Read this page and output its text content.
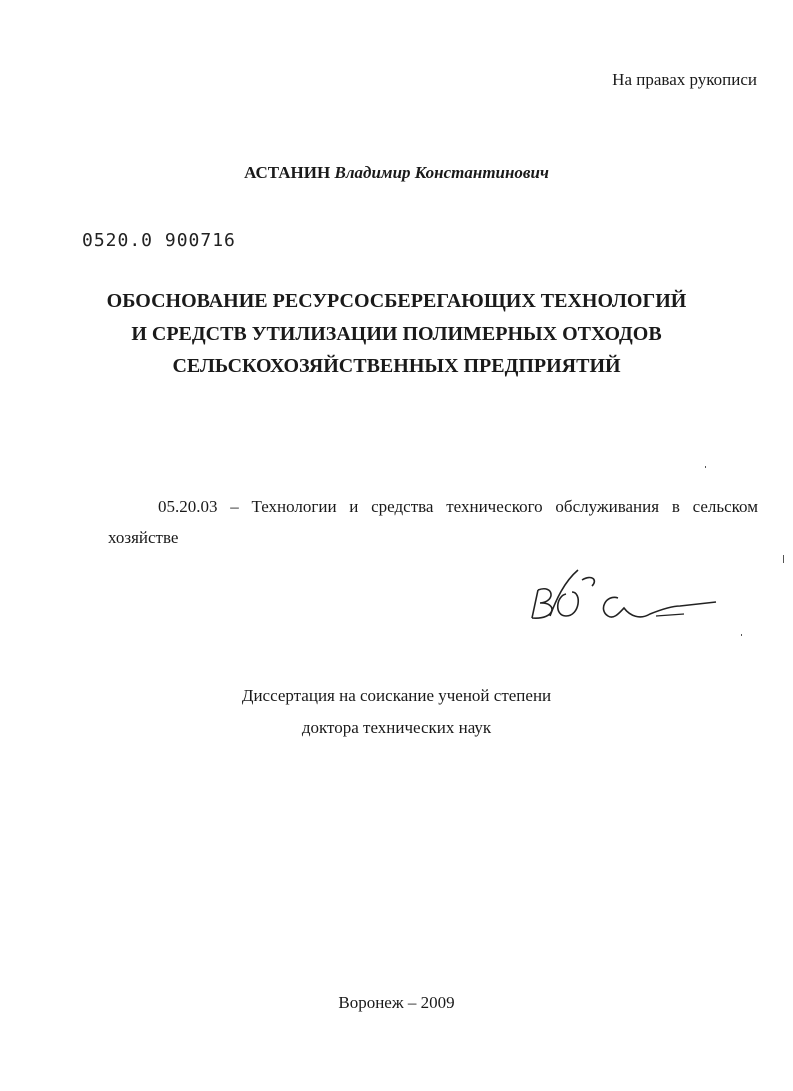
На правах рукописи
АСТАНИН Владимир Константинович
0520.0 900716
ОБОСНОВАНИЕ РЕСУРСОСБЕРЕГАЮЩИХ ТЕХНОЛОГИЙ
И СРЕДСТВ УТИЛИЗАЦИИ ПОЛИМЕРНЫХ ОТХОДОВ
СЕЛЬСКОХОЗЯЙСТВЕННЫХ ПРЕДПРИЯТИЙ
05.20.03 – Технологии и средства технического обслуживания в сельском
хозяйстве
Диссертация на соискание ученой степени
доктора технических наук
Воронеж – 2009
